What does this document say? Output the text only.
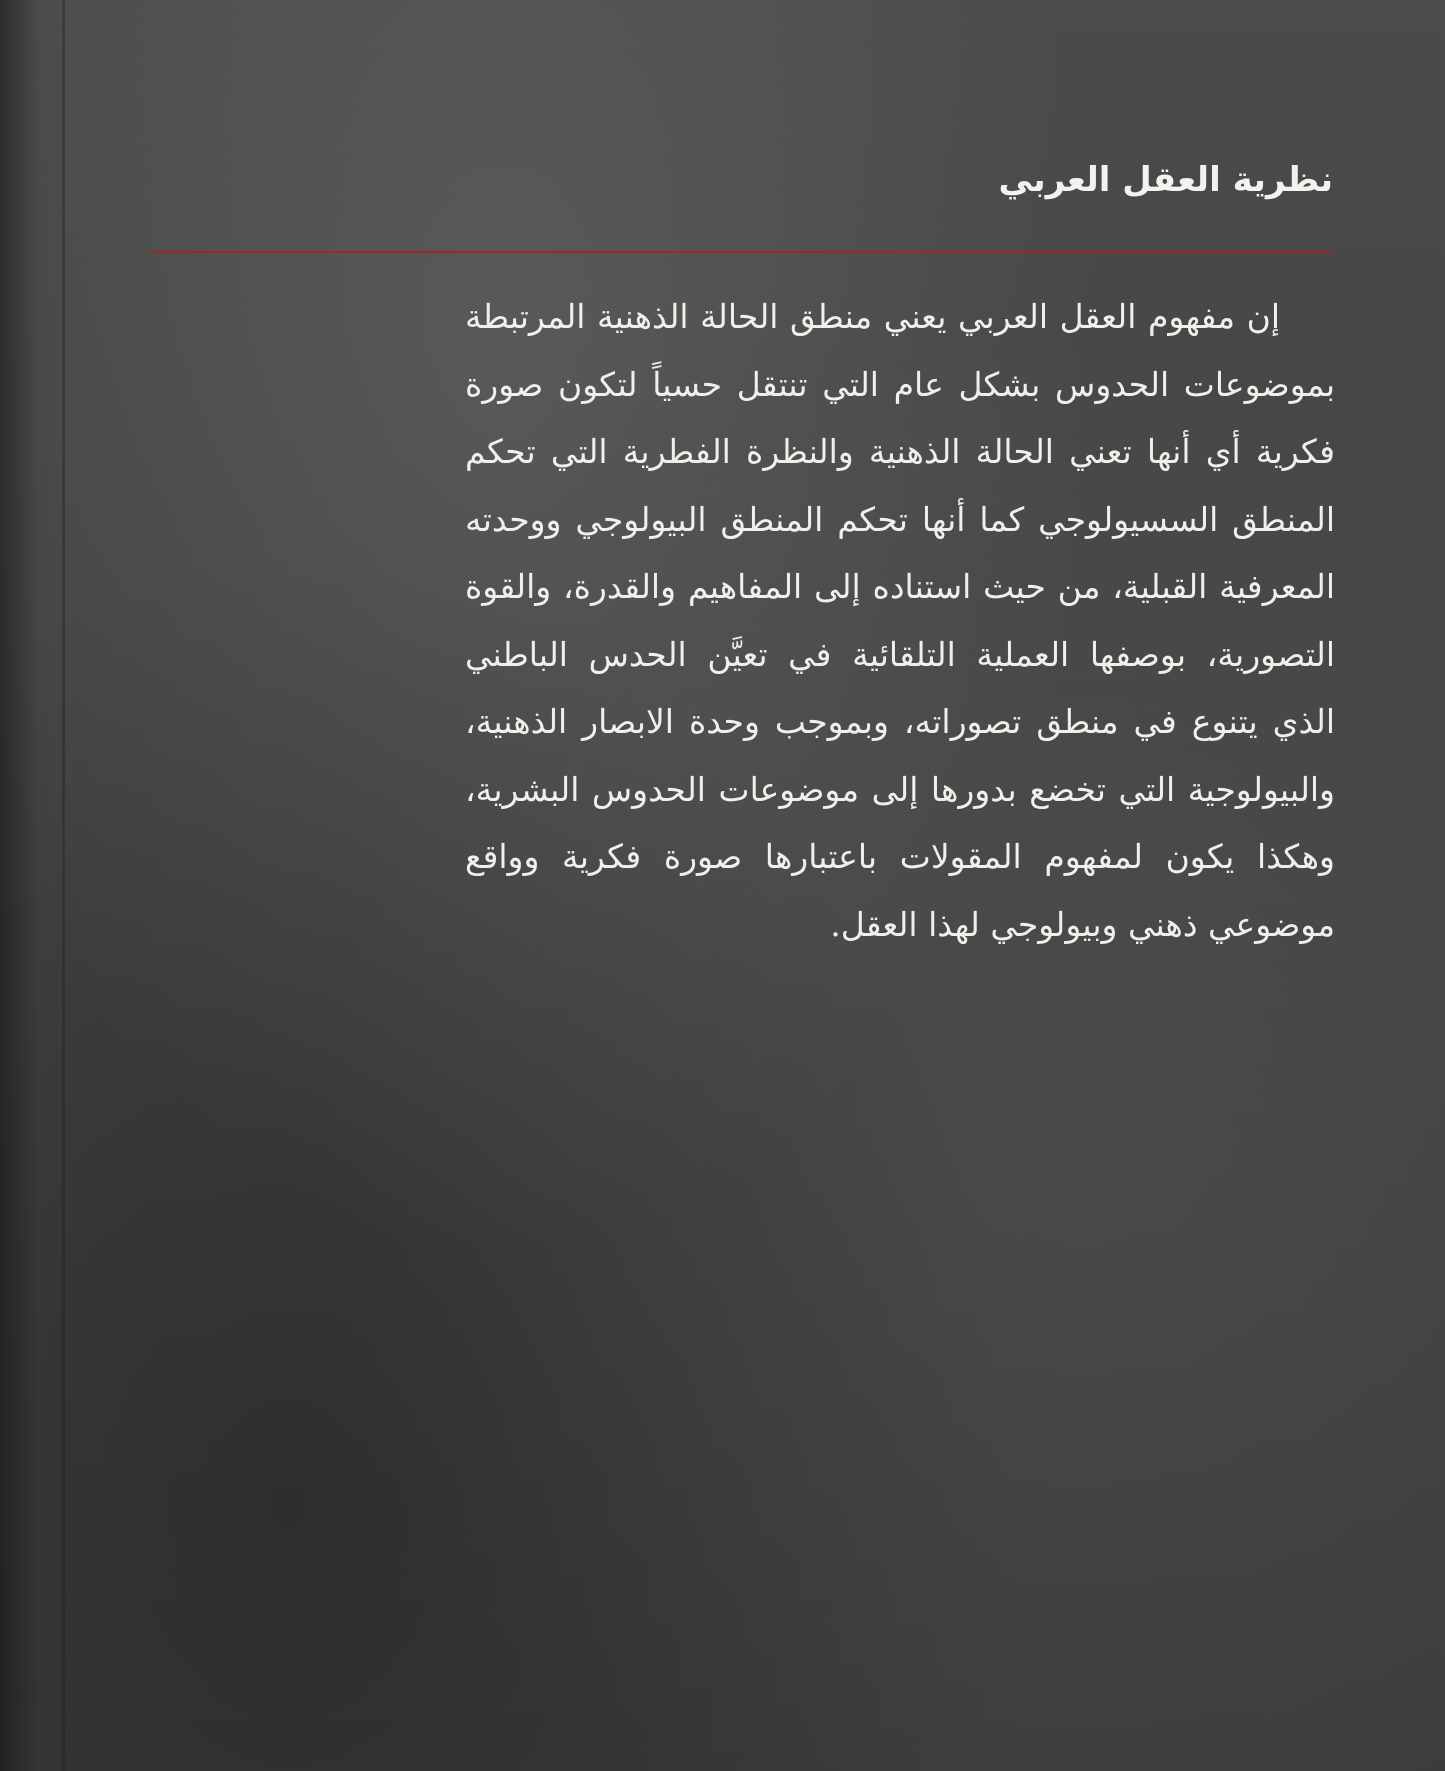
نظرية العقل العربي

إن مفهوم العقل العربي يعني منطق الحالة الذهنية المرتبطة بموضوعات الحدوس بشكل عام التي تنتقل حسياً لتكون صورة فكرية أي أنها تعني الحالة الذهنية والنظرة الفطرية التي تحكم المنطق السسيولوجي كما أنها تحكم المنطق البيولوجي ووحدته المعرفية القبلية، من حيث استناده إلى المفاهيم والقدرة، والقوة التصورية، بوصفها العملية التلقائية في تعيَّن الحدس الباطني الذي يتنوع في منطق تصوراته، وبموجب وحدة الابصار الذهنية، والبيولوجية التي تخضع بدورها إلى موضوعات الحدوس البشرية، وهكذا يكون لمفهوم المقولات باعتبارها صورة فكرية وواقع موضوعي ذهني وبيولوجي لهذا العقل.
